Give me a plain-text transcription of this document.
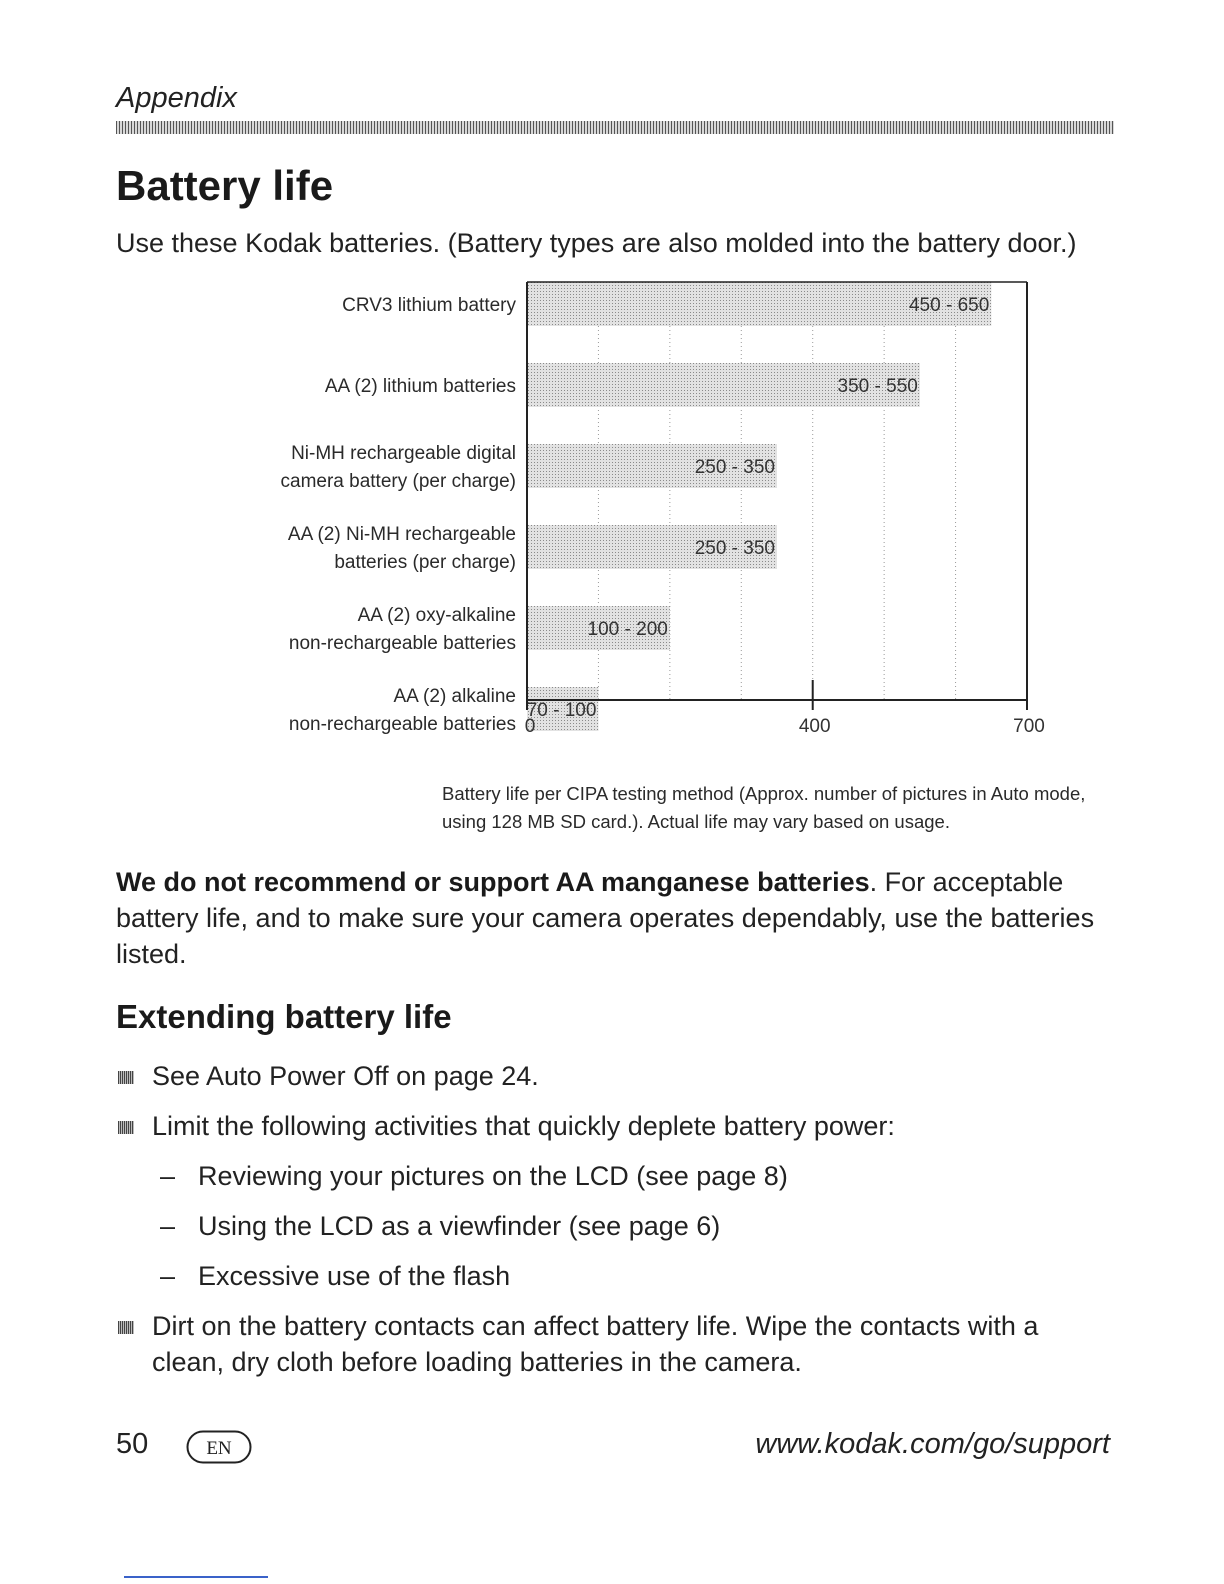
Appendix
Battery life
Use these Kodak batteries. (Battery types are also molded into the battery door.)
450 - 650
350 - 550
250 - 350
250 - 350
100 - 200
70 - 100
CRV3 lithium battery
AA (2) lithium batteries
Ni-MH rechargeable digital camera battery (per charge)
AA (2) Ni-MH rechargeable batteries (per charge)
AA (2) oxy-alkaline non-rechargeable batteries
AA (2) alkaline non-rechargeable batteries 0	400	700
Battery life per CIPA testing method (Approx. number of pictures in Auto mode, using 128 MB SD card.). Actual life may vary based on usage.
We do not recommend or support AA manganese batteries. For acceptable battery life, and to make sure your camera operates dependably, use the batteries listed.
Extending battery life
See Auto Power Off on page 24.
Limit the following activities that quickly deplete battery power:
– Reviewing your pictures on the LCD (see page 8)
– Using the LCD as a viewfinder (see page 6)
– Excessive use of the flash
Dirt on the battery contacts can affect battery life. Wipe the contacts with a clean, dry cloth before loading batteries in the camera.
50	EN	www.kodak.com/go/support
